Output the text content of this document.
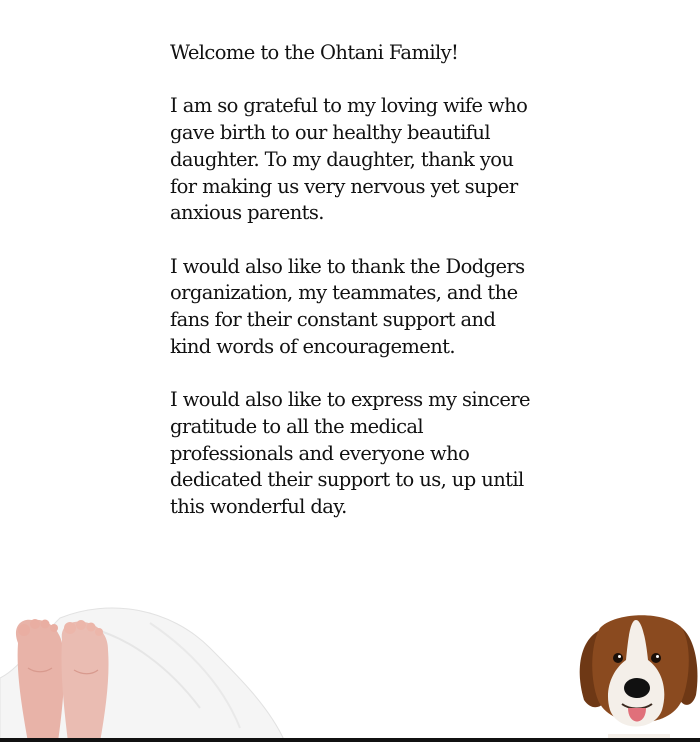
Welcome to the Ohtani Family!

I am so grateful to my loving wife who
gave birth to our healthy beautiful
daughter. To my daughter, thank you
for making us very nervous yet super
anxious parents.

I would also like to thank the Dodgers
organization, my teammates, and the
fans for their constant support and
kind words of encouragement.

I would also like to express my sincere
gratitude to all the medical
professionals and everyone who
dedicated their support to us, up until
this wonderful day.
